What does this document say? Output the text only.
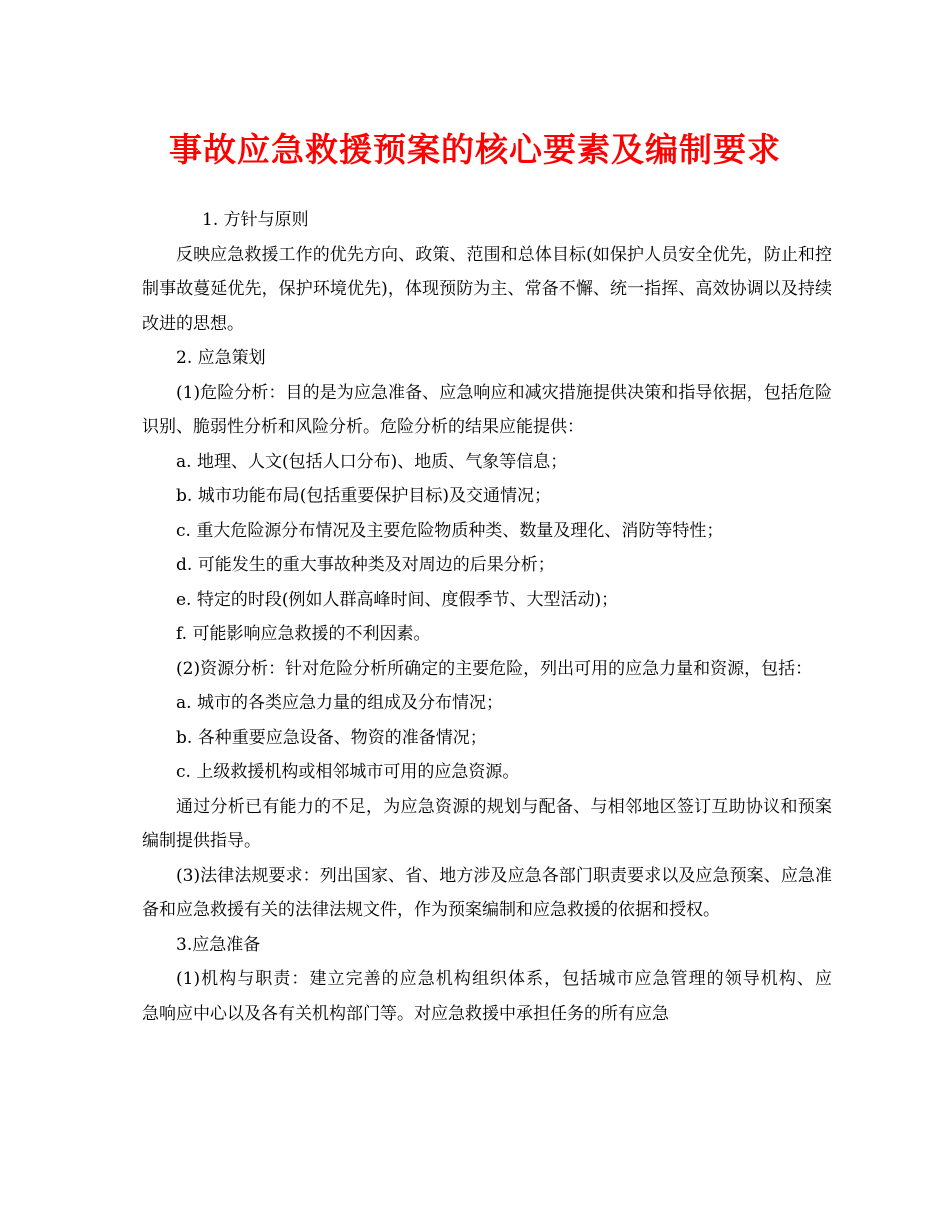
事故应急救援预案的核心要素及编制要求

1. 方针与原则

反映应急救援工作的优先方向、政策、范围和总体目标(如保护人员安全优先，防止和控制事故蔓延优先，保护环境优先)，体现预防为主、常备不懈、统一指挥、高效协调以及持续改进的思想。

2. 应急策划

(1)危险分析：目的是为应急准备、应急响应和减灾措施提供决策和指导依据，包括危险识别、脆弱性分析和风险分析。危险分析的结果应能提供：

a. 地理、人文(包括人口分布)、地质、气象等信息；

b. 城市功能布局(包括重要保护目标)及交通情况；

c. 重大危险源分布情况及主要危险物质种类、数量及理化、消防等特性；

d. 可能发生的重大事故种类及对周边的后果分析；

e. 特定的时段(例如人群高峰时间、度假季节、大型活动)；

f. 可能影响应急救援的不利因素。

(2)资源分析：针对危险分析所确定的主要危险，列出可用的应急力量和资源，包括：

a. 城市的各类应急力量的组成及分布情况；

b. 各种重要应急设备、物资的准备情况；

c. 上级救援机构或相邻城市可用的应急资源。

通过分析已有能力的不足，为应急资源的规划与配备、与相邻地区签订互助协议和预案编制提供指导。

(3)法律法规要求：列出国家、省、地方涉及应急各部门职责要求以及应急预案、应急准备和应急救援有关的法律法规文件，作为预案编制和应急救援的依据和授权。

3.应急准备

(1)机构与职责：建立完善的应急机构组织体系，包括城市应急管理的领导机构、应　　急响应中心以及各有关机构部门等。对应急救援中承担任务的所有应急
